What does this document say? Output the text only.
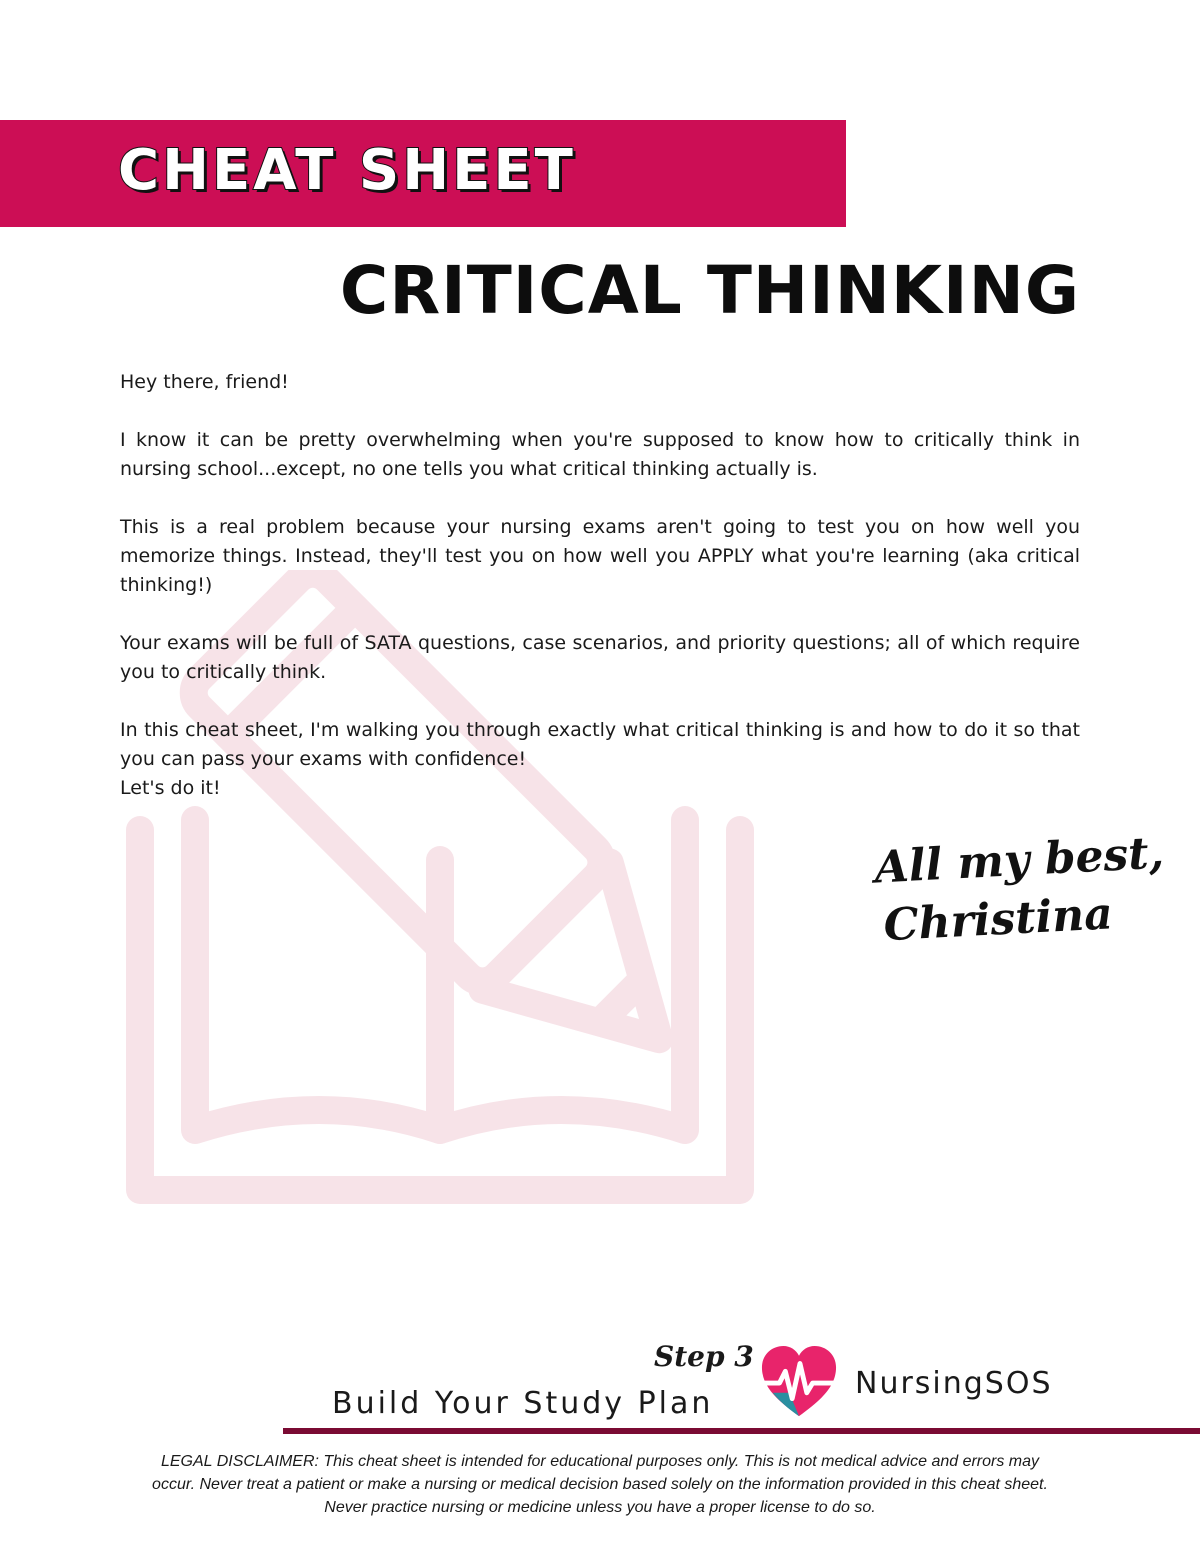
CHEAT SHEET
CRITICAL THINKING

Hey there, friend!

I know it can be pretty overwhelming when you're supposed to know how to critically think in nursing school...except, no one tells you what critical thinking actually is.

This is a real problem because your nursing exams aren't going to test you on how well you memorize things. Instead, they'll test you on how well you APPLY what you're learning (aka critical thinking!)

Your exams will be full of SATA questions, case scenarios, and priority questions; all of which require you to critically think.

In this cheat sheet, I'm walking you through exactly what critical thinking is and how to do it so that you can pass your exams with confidence!

Let's do it!

All my best,
Christina
Step 3
Build Your Study Plan
NursingSOS
LEGAL DISCLAIMER: This cheat sheet is intended for educational purposes only. This is not medical advice and errors may occur. Never treat a patient or make a nursing or medical decision based solely on the information provided in this cheat sheet. Never practice nursing or medicine unless you have a proper license to do so.
